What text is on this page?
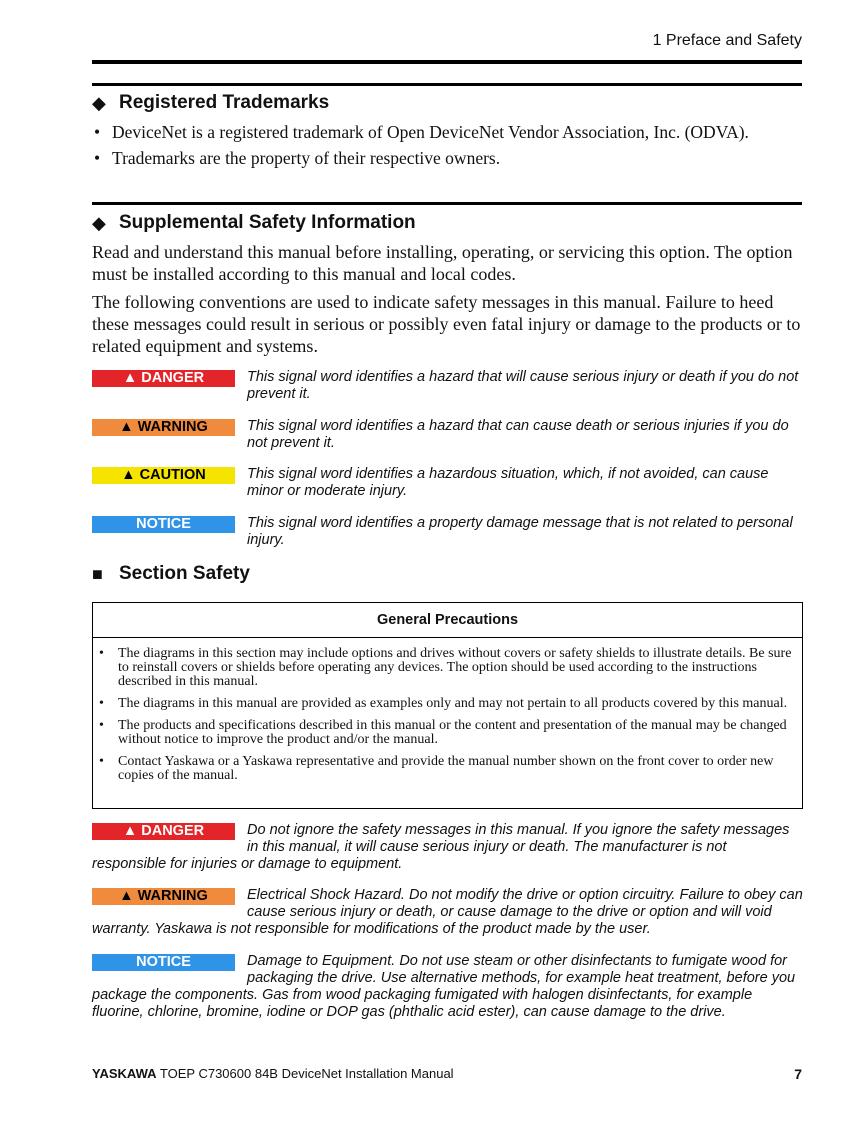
1 Preface and Safety
◆ Registered Trademarks
• DeviceNet is a registered trademark of Open DeviceNet Vendor Association, Inc. (ODVA).
• Trademarks are the property of their respective owners.
◆ Supplemental Safety Information

Read and understand this manual before installing, operating, or servicing this option. The option must be installed according to this manual and local codes.

The following conventions are used to indicate safety messages in this manual. Failure to heed these messages could result in serious or possibly even fatal injury or damage to the products or to related equipment and systems.

▲ DANGER	This signal word identifies a hazard that will cause serious injury or death if you do not prevent it.
▲ WARNING	This signal word identifies a hazard that can cause death or serious injuries if you do not prevent it.
▲ CAUTION	This signal word identifies a hazardous situation, which, if not avoided, can cause minor or moderate injury.
NOTICE	This signal word identifies a property damage message that is not related to personal injury.
■ Section Safety
General Precautions
• The diagrams in this section may include options and drives without covers or safety shields to illustrate details. Be sure to reinstall covers or shields before operating any devices. The option should be used according to the instructions described in this manual.
• The diagrams in this manual are provided as examples only and may not pertain to all products covered by this manual.
• The products and specifications described in this manual or the content and presentation of the manual may be changed without notice to improve the product and/or the manual.
• Contact Yaskawa or a Yaskawa representative and provide the manual number shown on the front cover to order new copies of the manual.
▲ DANGER	Do not ignore the safety messages in this manual. If you ignore the safety messages in this manual, it will cause serious injury or death. The manufacturer is not responsible for injuries or damage to equipment.
▲ WARNING	Electrical Shock Hazard. Do not modify the drive or option circuitry. Failure to obey can cause serious injury or death, or cause damage to the drive or option and will void warranty. Yaskawa is not responsible for modifications of the product made by the user.
NOTICE	Damage to Equipment. Do not use steam or other disinfectants to fumigate wood for packaging the drive. Use alternative methods, for example heat treatment, before you package the components. Gas from wood packaging fumigated with halogen disinfectants, for example fluorine, chlorine, bromine, iodine or DOP gas (phthalic acid ester), can cause damage to the drive.
YASKAWA TOEP C730600 84B DeviceNet Installation Manual	7
